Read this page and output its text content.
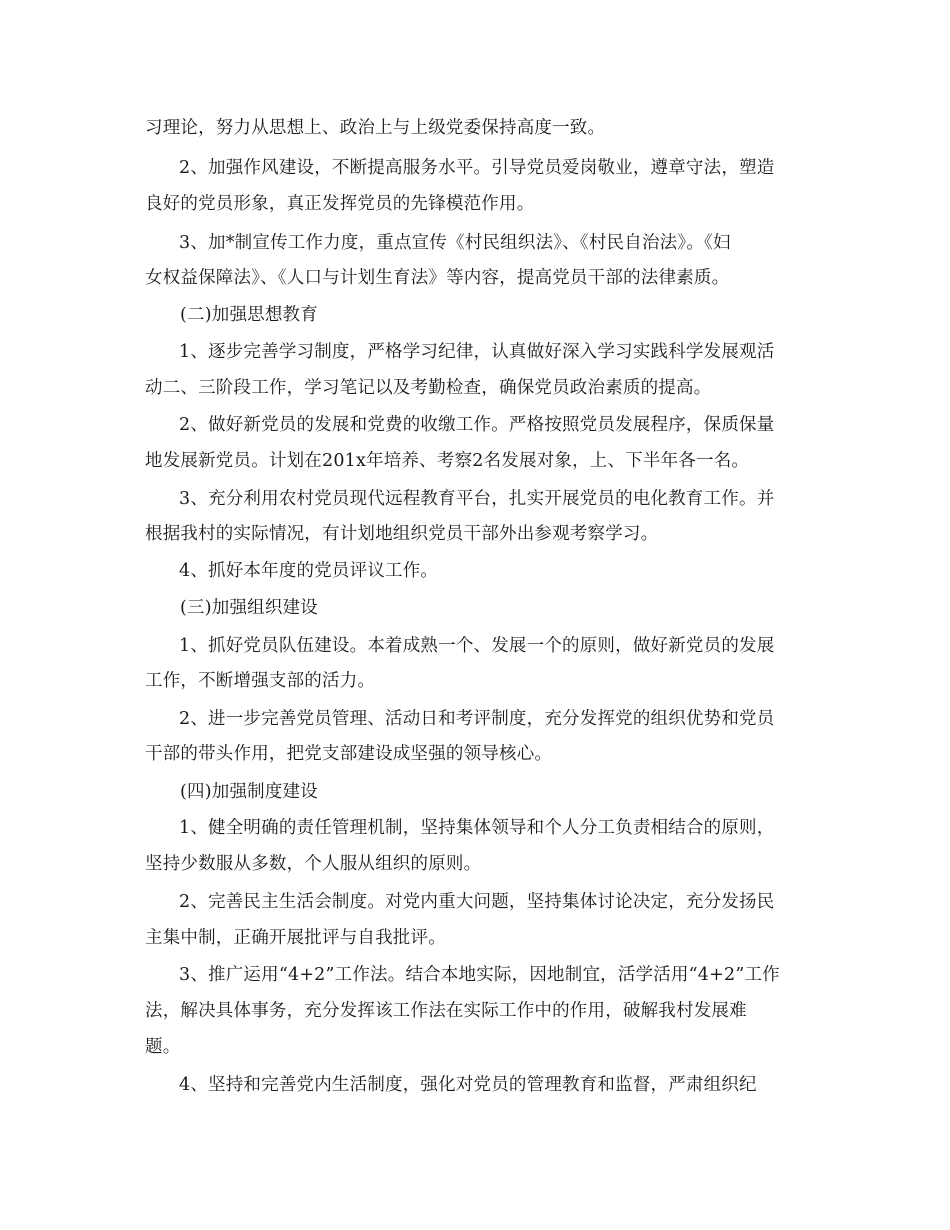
习理论，努力从思想上、政治上与上级党委保持高度一致。
2、加强作风建设，不断提高服务水平。引导党员爱岗敬业，遵章守法，塑造
良好的党员形象，真正发挥党员的先锋模范作用。
3、加*制宣传工作力度，重点宣传《村民组织法》、《村民自治法》。《妇
女权益保障法》、《人口与计划生育法》等内容，提高党员干部的法律素质。
(二)加强思想教育
1、逐步完善学习制度，严格学习纪律，认真做好深入学习实践科学发展观活
动二、三阶段工作，学习笔记以及考勤检查，确保党员政治素质的提高。
2、做好新党员的发展和党费的收缴工作。严格按照党员发展程序，保质保量
地发展新党员。计划在201x年培养、考察2名发展对象，上、下半年各一名。
3、充分利用农村党员现代远程教育平台，扎实开展党员的电化教育工作。并
根据我村的实际情况，有计划地组织党员干部外出参观考察学习。
4、抓好本年度的党员评议工作。
(三)加强组织建设
1、抓好党员队伍建设。本着成熟一个、发展一个的原则，做好新党员的发展
工作，不断增强支部的活力。
2、进一步完善党员管理、活动日和考评制度，充分发挥党的组织优势和党员
干部的带头作用，把党支部建设成坚强的领导核心。
(四)加强制度建设
1、健全明确的责任管理机制，坚持集体领导和个人分工负责相结合的原则，
坚持少数服从多数，个人服从组织的原则。
2、完善民主生活会制度。对党内重大问题，坚持集体讨论决定，充分发扬民
主集中制，正确开展批评与自我批评。
3、推广运用“4+2”工作法。结合本地实际，因地制宜，活学活用“4+2”工作
法，解决具体事务，充分发挥该工作法在实际工作中的作用，破解我村发展难
题。
4、坚持和完善党内生活制度，强化对党员的管理教育和监督，严肃组织纪
